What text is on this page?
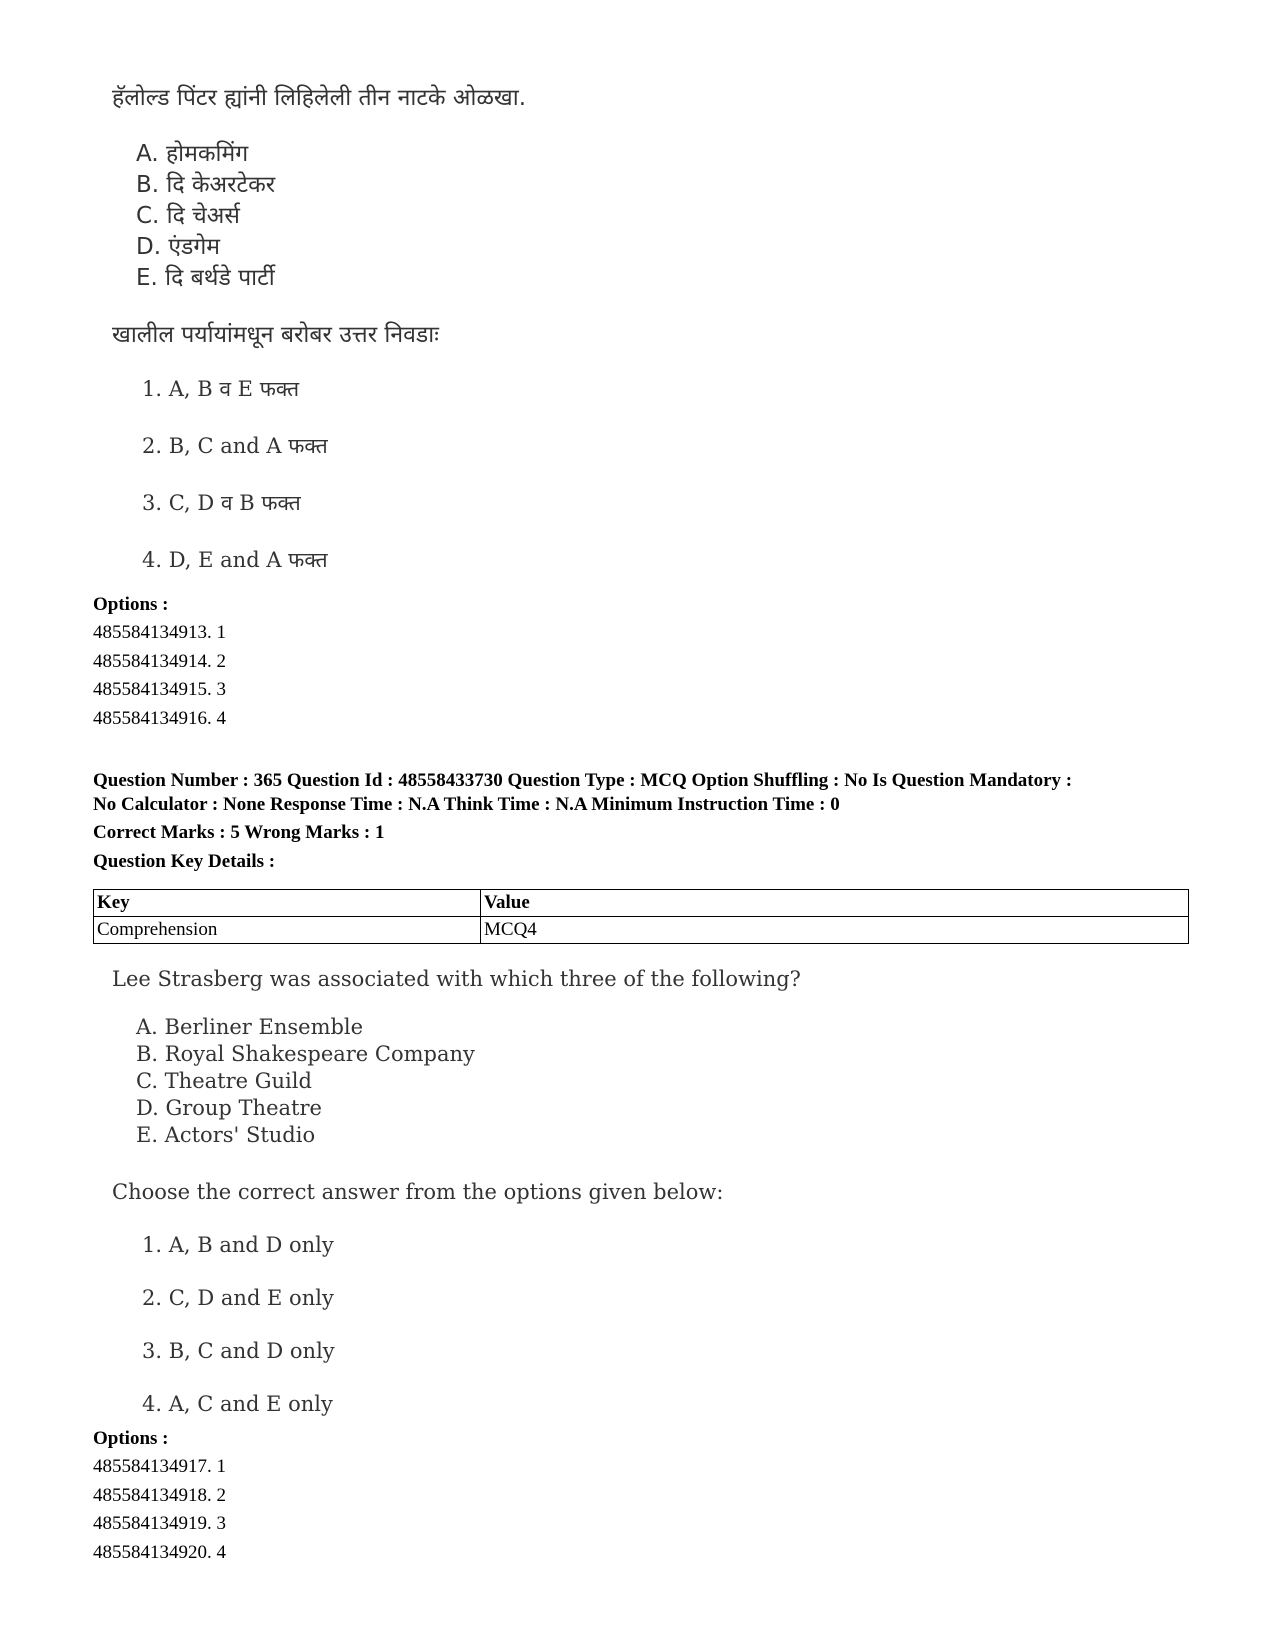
हॅलोल्ड पिंटर ह्यांनी लिहिलेली तीन नाटके ओळखा.
A. होमकमिंग
B. दि केअरटेकर
C. दि चेअर्स
D. एंडगेम
E. दि बर्थडे पार्टी
खालील पर्यायांमधून बरोबर उत्तर निवडाः
1. A, B व E फक्त
2. B, C and A फक्त
3. C, D व B फक्त
4. D, E and A फक्त
Options :
485584134913. 1
485584134914. 2
485584134915. 3
485584134916. 4
Question Number : 365 Question Id : 48558433730 Question Type : MCQ Option Shuffling : No Is Question Mandatory :
No Calculator : None Response Time : N.A Think Time : N.A Minimum Instruction Time : 0
Correct Marks : 5 Wrong Marks : 1
Question Key Details :
Key	Value
Comprehension	MCQ4
Lee Strasberg was associated with which three of the following?
A. Berliner Ensemble
B. Royal Shakespeare Company
C. Theatre Guild
D. Group Theatre
E. Actors' Studio
Choose the correct answer from the options given below:
1. A, B and D only
2. C, D and E only
3. B, C and D only
4. A, C and E only
Options :
485584134917. 1
485584134918. 2
485584134919. 3
485584134920. 4
